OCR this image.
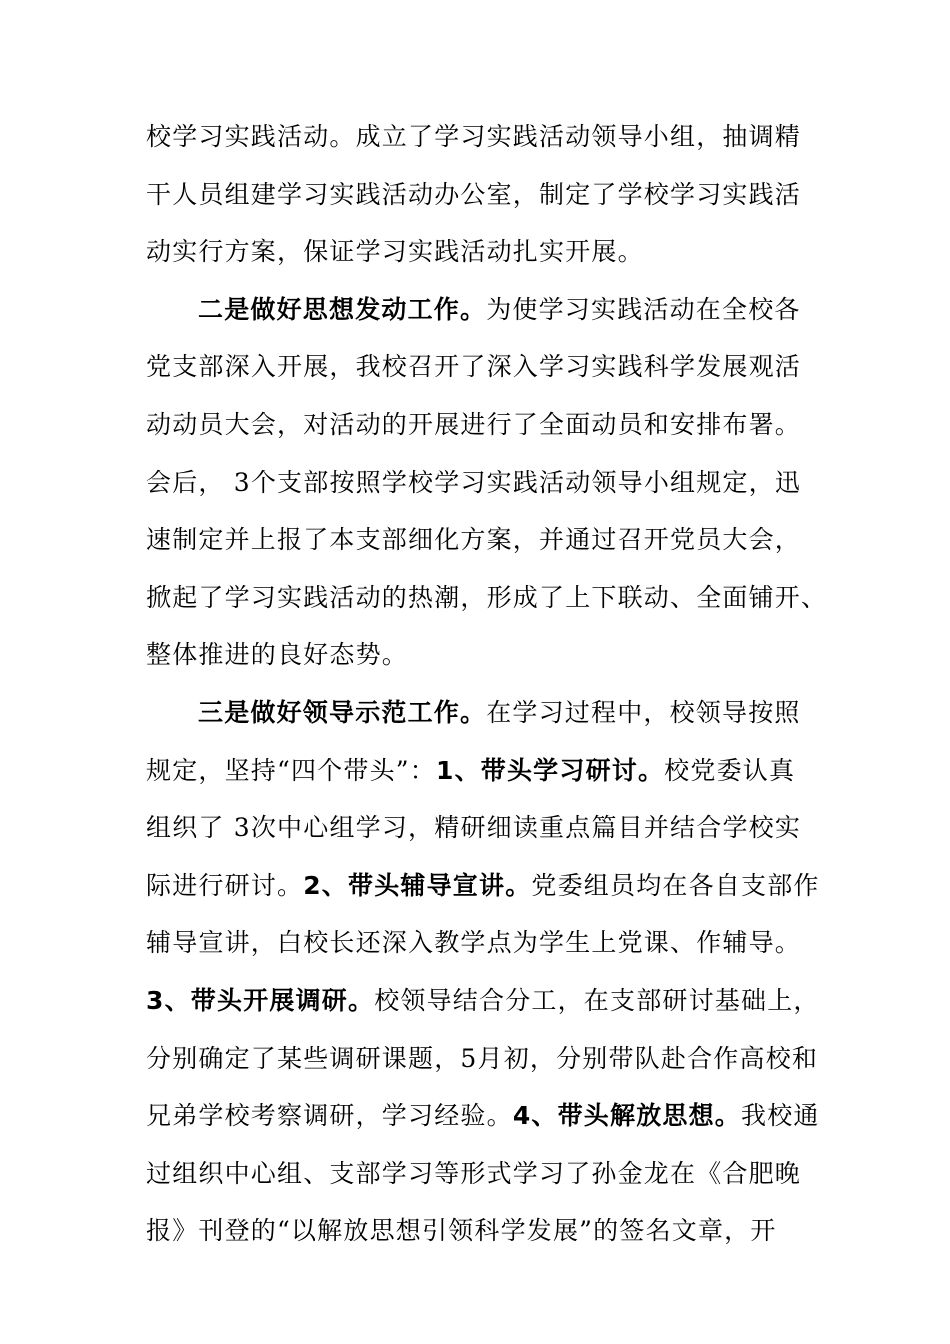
校学习实践活动。成立了学习实践活动领导小组，抽调精
干人员组建学习实践活动办公室，制定了学校学习实践活
动实行方案，保证学习实践活动扎实开展。
二是做好思想发动工作。为使学习实践活动在全校各
党支部深入开展，我校召开了深入学习实践科学发展观活
动动员大会，对活动的开展进行了全面动员和安排布署。
会后， 3个支部按照学校学习实践活动领导小组规定，迅
速制定并上报了本支部细化方案，并通过召开党员大会，
掀起了学习实践活动的热潮，形成了上下联动、全面铺开、
整体推进的良好态势。
三是做好领导示范工作。在学习过程中，校领导按照
规定，坚持“四个带头”：1、带头学习研讨。校党委认真
组织了 3次中心组学习，精研细读重点篇目并结合学校实
际进行研讨。2、带头辅导宣讲。党委组员均在各自支部作
辅导宣讲，白校长还深入教学点为学生上党课、作辅导。
3、带头开展调研。校领导结合分工，在支部研讨基础上，
分别确定了某些调研课题，5月初，分别带队赴合作高校和
兄弟学校考察调研，学习经验。4、带头解放思想。我校通
过组织中心组、支部学习等形式学习了孙金龙在《合肥晚
报》刊登的“以解放思想引领科学发展”的签名文章，开
